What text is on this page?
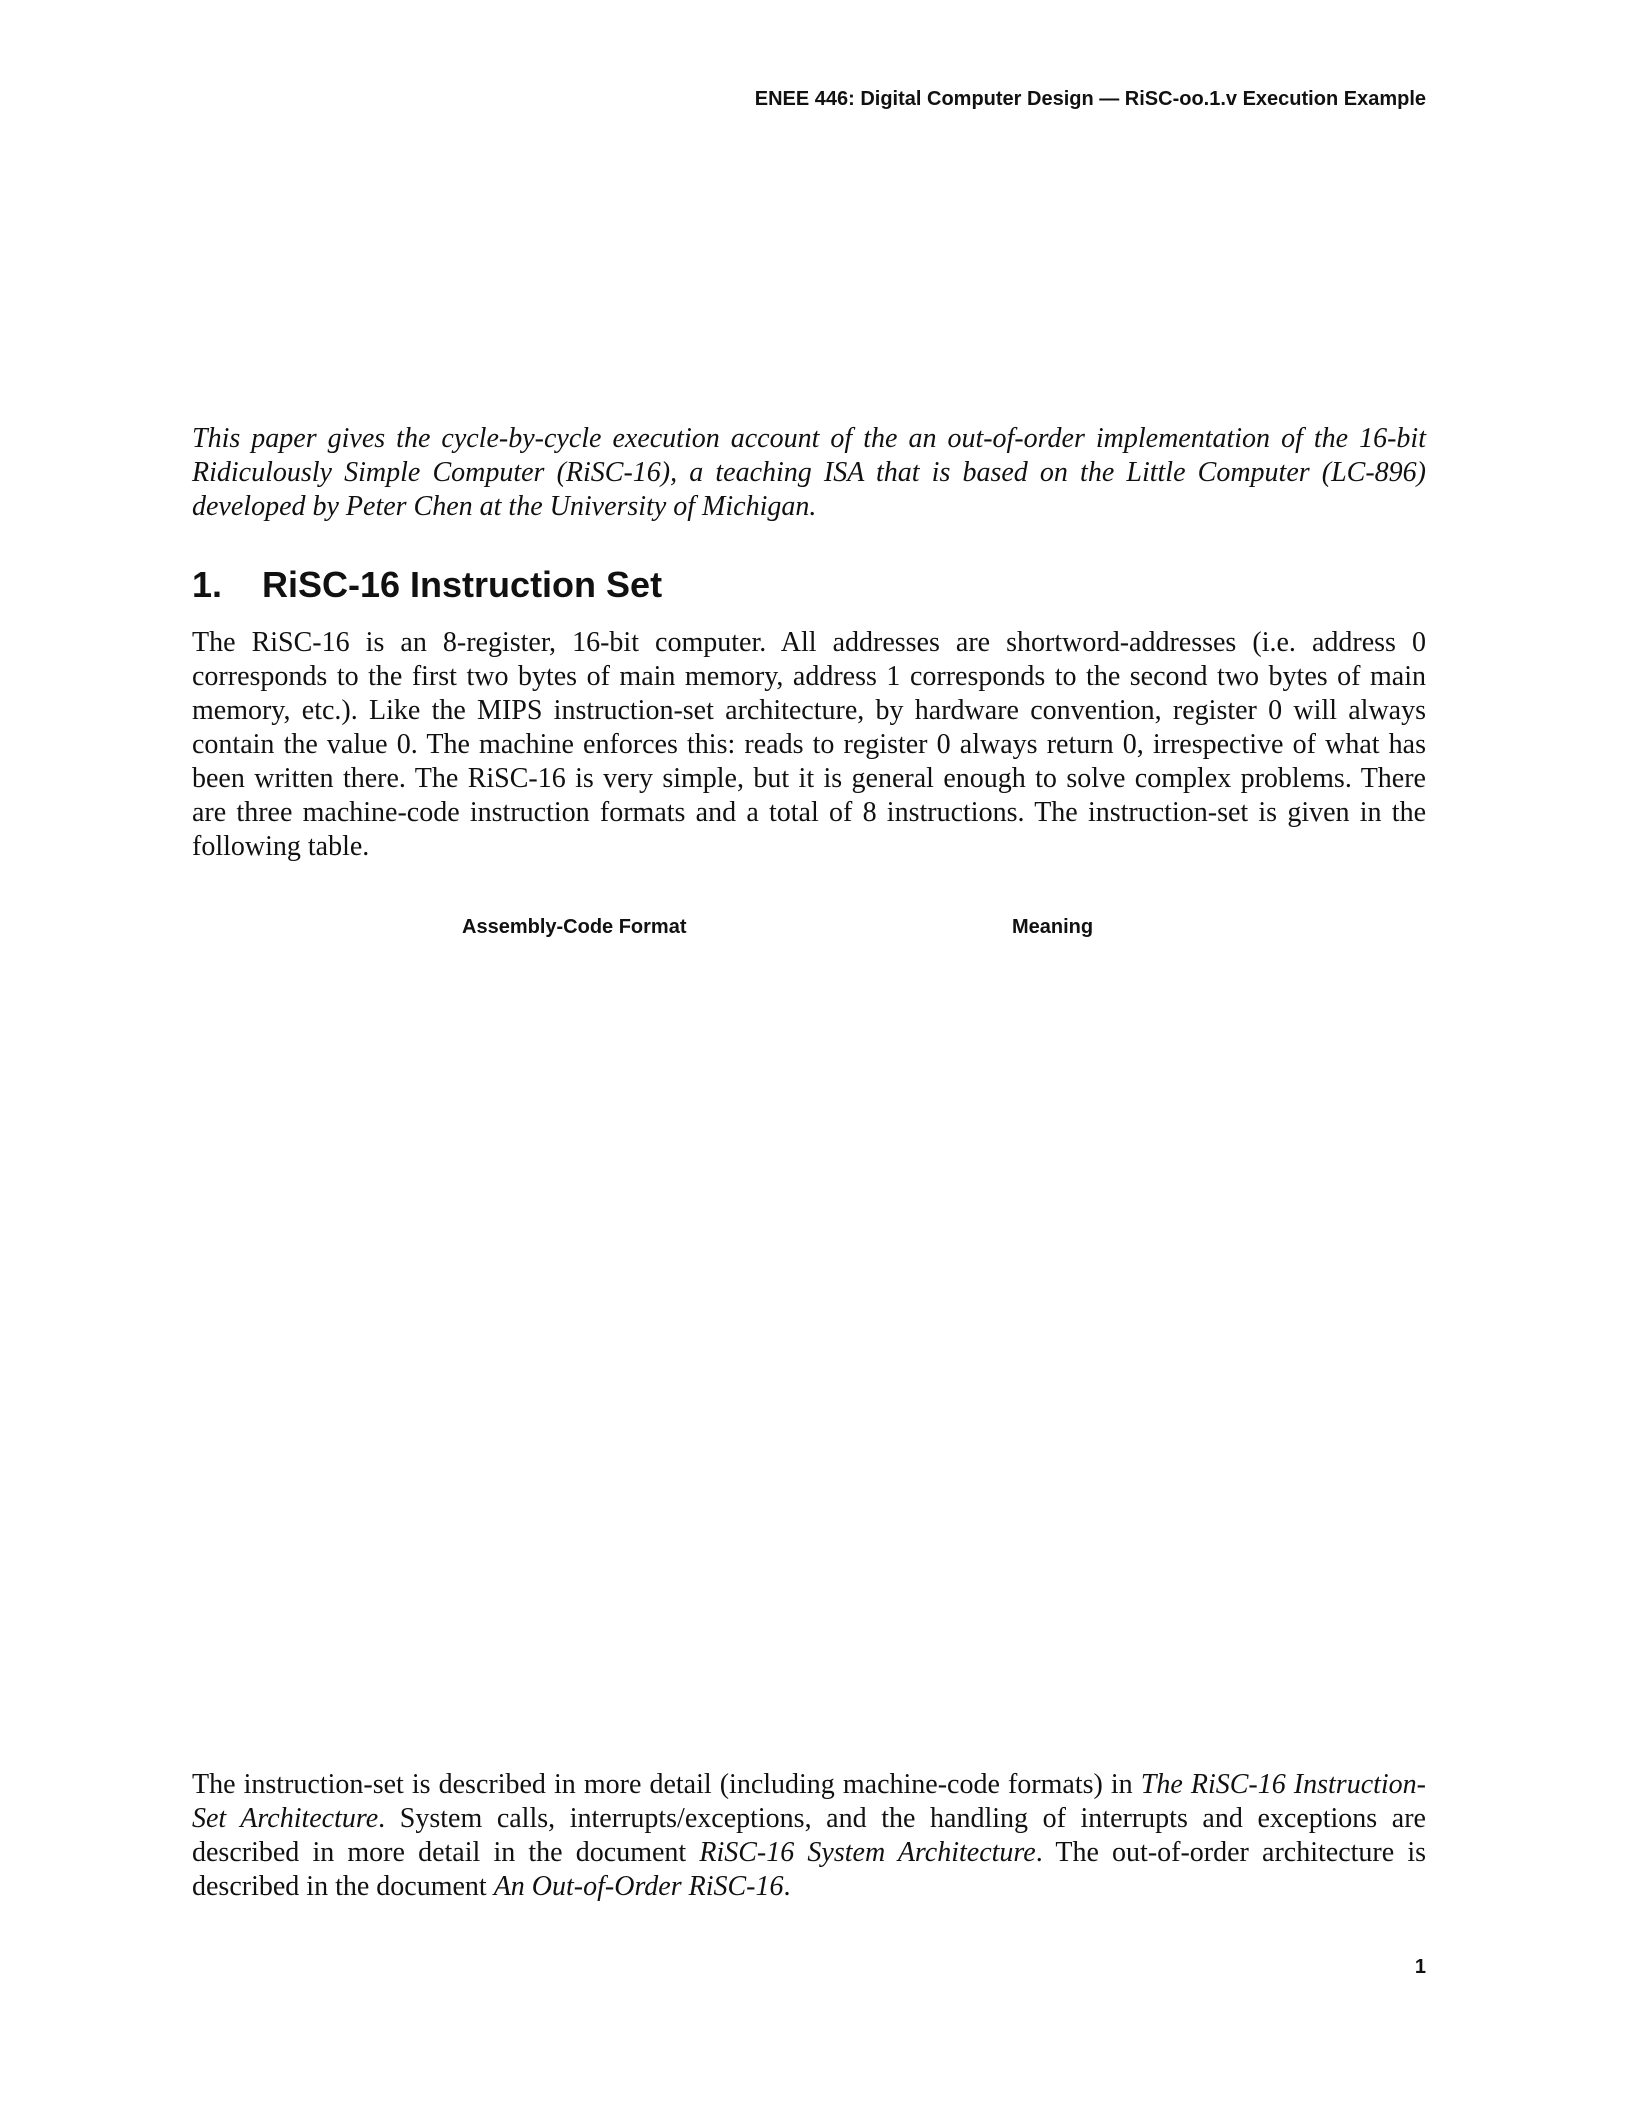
ENEE 446: Digital Computer Design — RiSC-oo.1.v Execution Example

This paper gives the cycle-by-cycle execution account of the an out-of-order implementation of the 16-bit Ridiculously Simple Computer (RiSC-16), a teaching ISA that is based on the Little Computer (LC-896) developed by Peter Chen at the University of Michigan.

1. RiSC-16 Instruction Set

The RiSC-16 is an 8-register, 16-bit computer. All addresses are shortword-addresses (i.e. address 0 corresponds to the first two bytes of main memory, address 1 corresponds to the second two bytes of main memory, etc.). Like the MIPS instruction-set architecture, by hardware convention, register 0 will always contain the value 0. The machine enforces this: reads to register 0 always return 0, irrespective of what has been written there. The RiSC-16 is very simple, but it is general enough to solve complex problems. There are three machine-code instruction formats and a total of 8 instructions. The instruction-set is given in the following table.

Assembly-Code Format	Meaning

The instruction-set is described in more detail (including machine-code formats) in The RiSC-16 Instruction-Set Architecture. System calls, interrupts/exceptions, and the handling of interrupts and exceptions are described in more detail in the document RiSC-16 System Architecture. The out-of-order architecture is described in the document An Out-of-Order RiSC-16.

1
